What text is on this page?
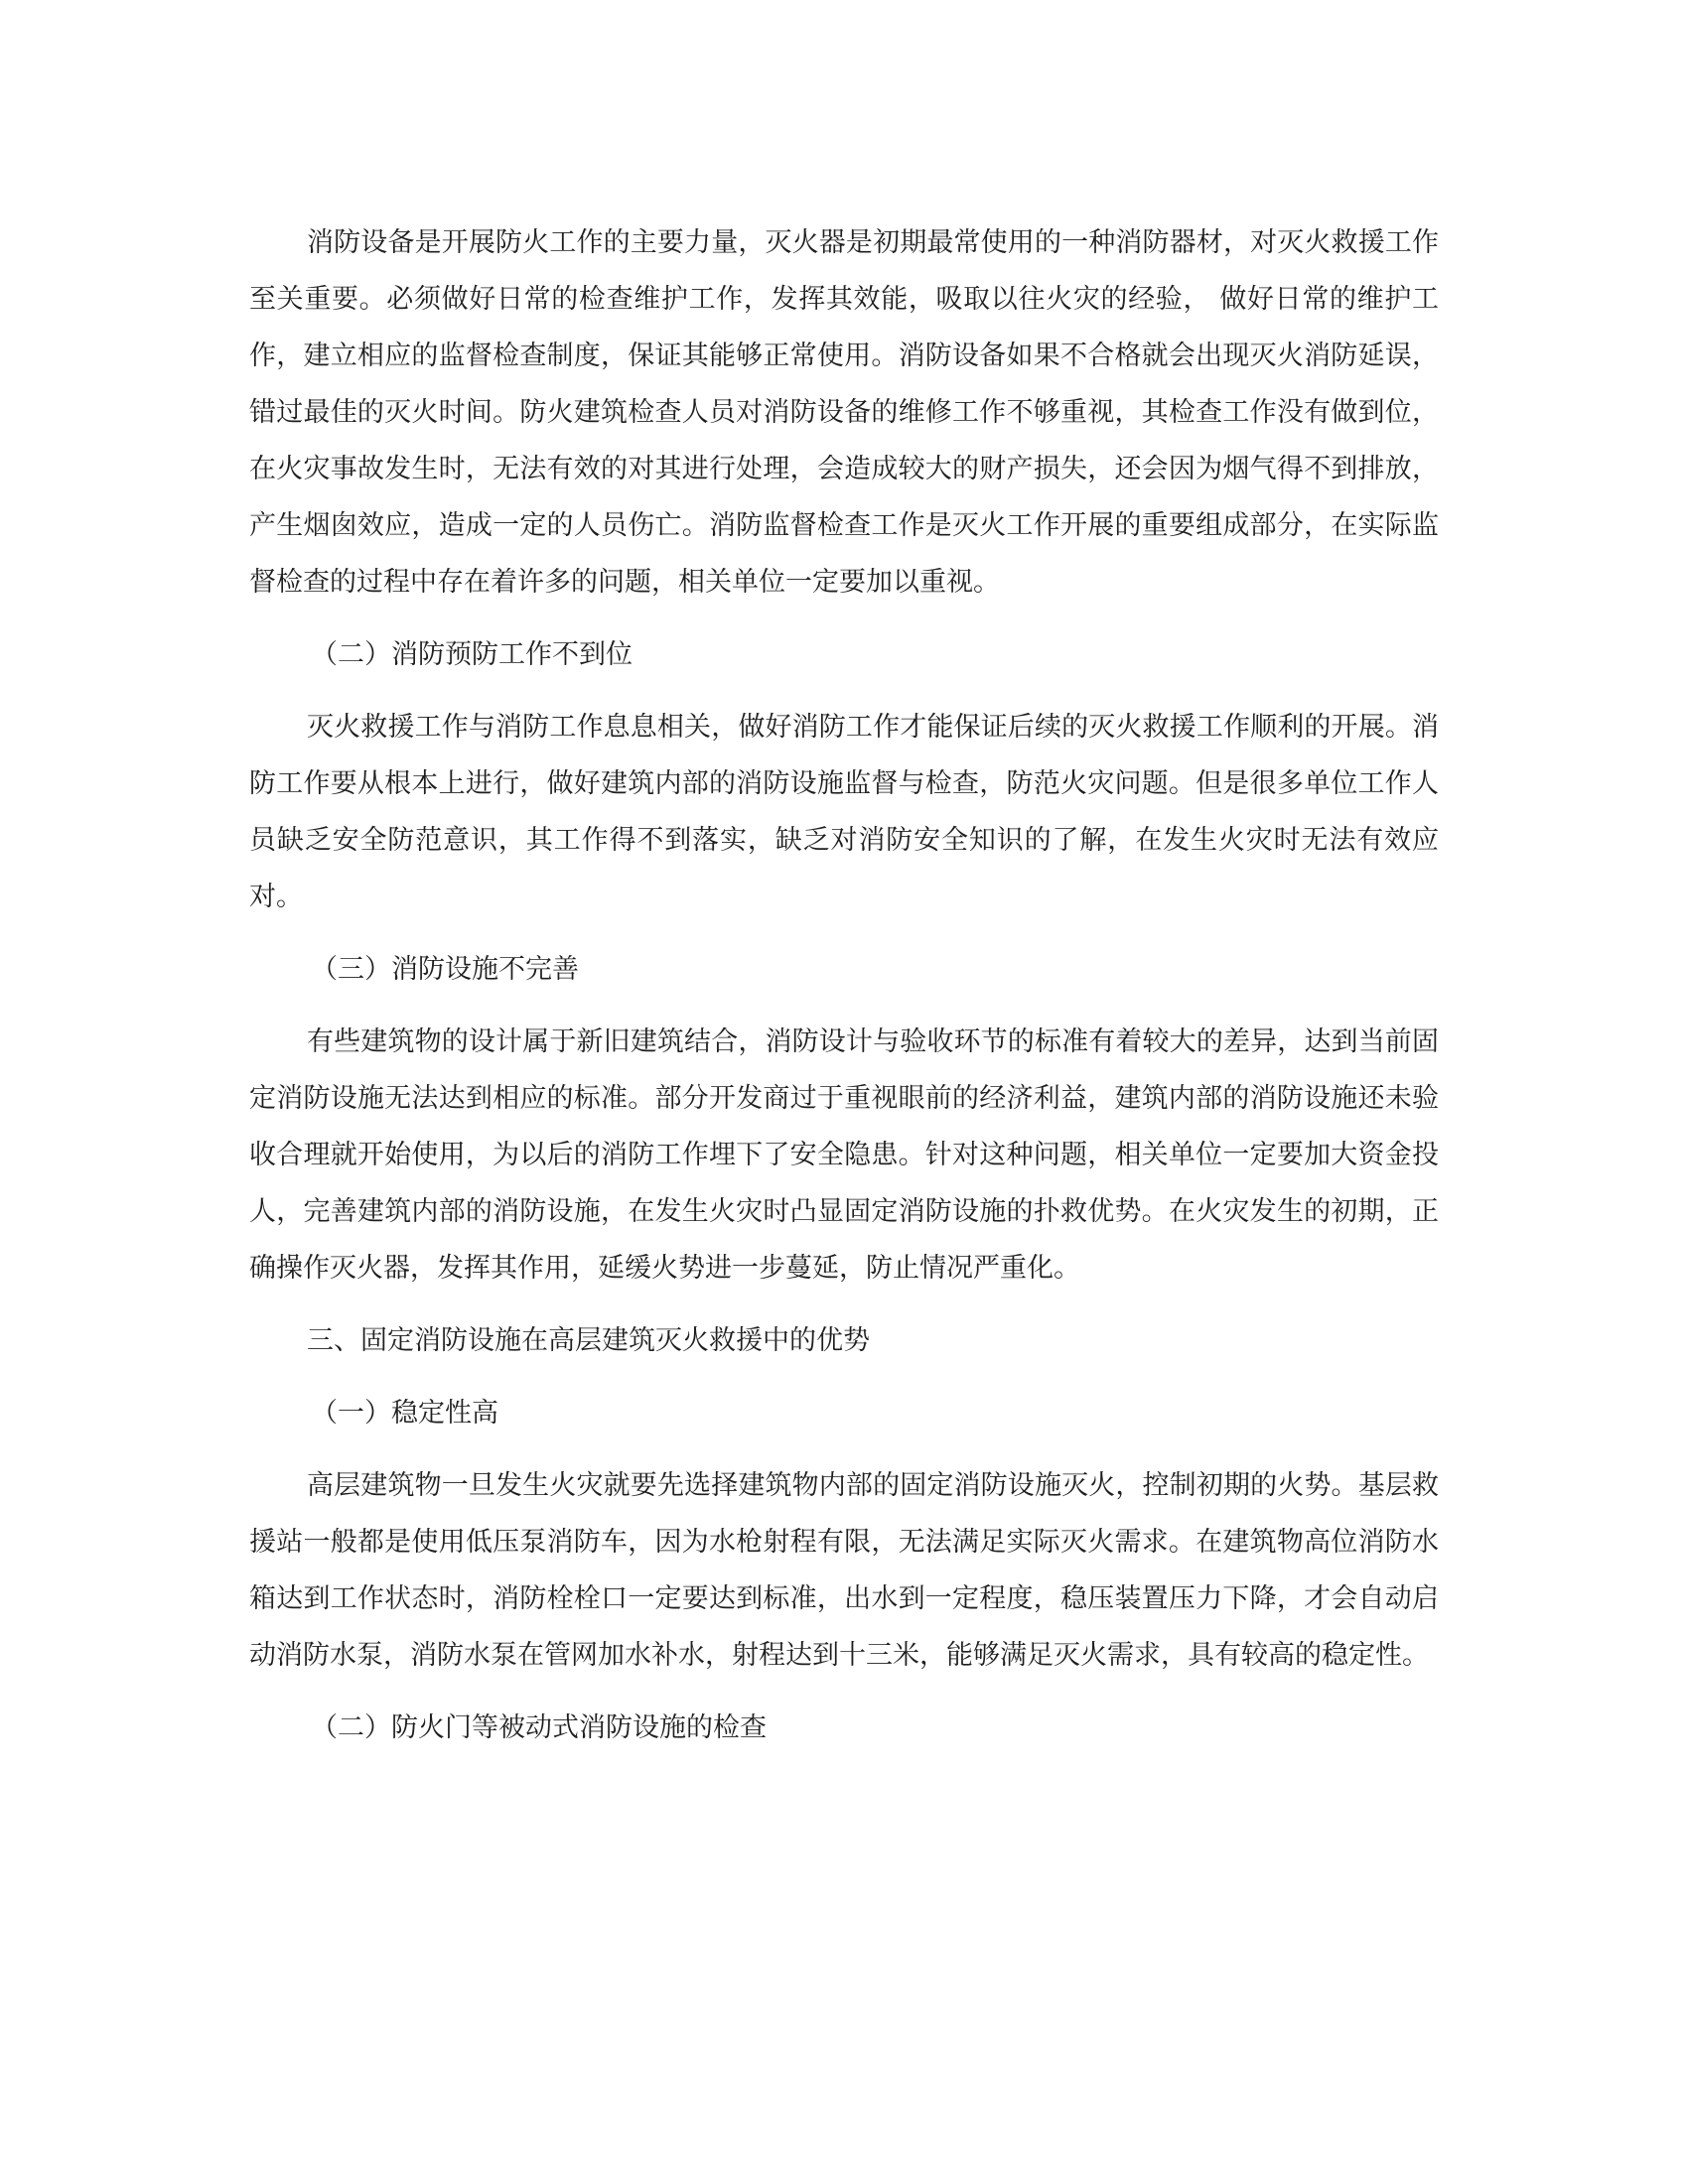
消防设备是开展防火工作的主要力量，灭火器是初期最常使用的一种消防器材，对灭火救援工作至关重要。必须做好日常的检查维护工作，发挥其效能，吸取以往火灾的经验， 做好日常的维护工作，建立相应的监督检查制度，保证其能够正常使用。消防设备如果不合格就会出现灭火消防延误，错过最佳的灭火时间。防火建筑检查人员对消防设备的维修工作不够重视，其检查工作没有做到位，在火灾事故发生时，无法有效的对其进行处理，会造成较大的财产损失，还会因为烟气得不到排放，产生烟囱效应，造成一定的人员伤亡。消防监督检查工作是灭火工作开展的重要组成部分，在实际监督检查的过程中存在着许多的问题，相关单位一定要加以重视。

（二）消防预防工作不到位

灭火救援工作与消防工作息息相关，做好消防工作才能保证后续的灭火救援工作顺利的开展。消防工作要从根本上进行，做好建筑内部的消防设施监督与检查，防范火灾问题。但是很多单位工作人员缺乏安全防范意识，其工作得不到落实，缺乏对消防安全知识的了解，在发生火灾时无法有效应对。

（三）消防设施不完善

有些建筑物的设计属于新旧建筑结合，消防设计与验收环节的标准有着较大的差异，达到当前固定消防设施无法达到相应的标准。部分开发商过于重视眼前的经济利益，建筑内部的消防设施还未验收合理就开始使用，为以后的消防工作埋下了安全隐患。针对这种问题，相关单位一定要加大资金投人，完善建筑内部的消防设施，在发生火灾时凸显固定消防设施的扑救优势。在火灾发生的初期，正确操作灭火器，发挥其作用，延缓火势进一步蔓延，防止情况严重化。

三、固定消防设施在高层建筑灭火救援中的优势

（一）稳定性高

高层建筑物一旦发生火灾就要先选择建筑物内部的固定消防设施灭火，控制初期的火势。基层救援站一般都是使用低压泵消防车，因为水枪射程有限，无法满足实际灭火需求。在建筑物高位消防水箱达到工作状态时，消防栓栓口一定要达到标准，出水到一定程度，稳压装置压力下降，才会自动启动消防水泵，消防水泵在管网加水补水，射程达到十三米，能够满足灭火需求，具有较高的稳定性。

（二）防火门等被动式消防设施的检查
